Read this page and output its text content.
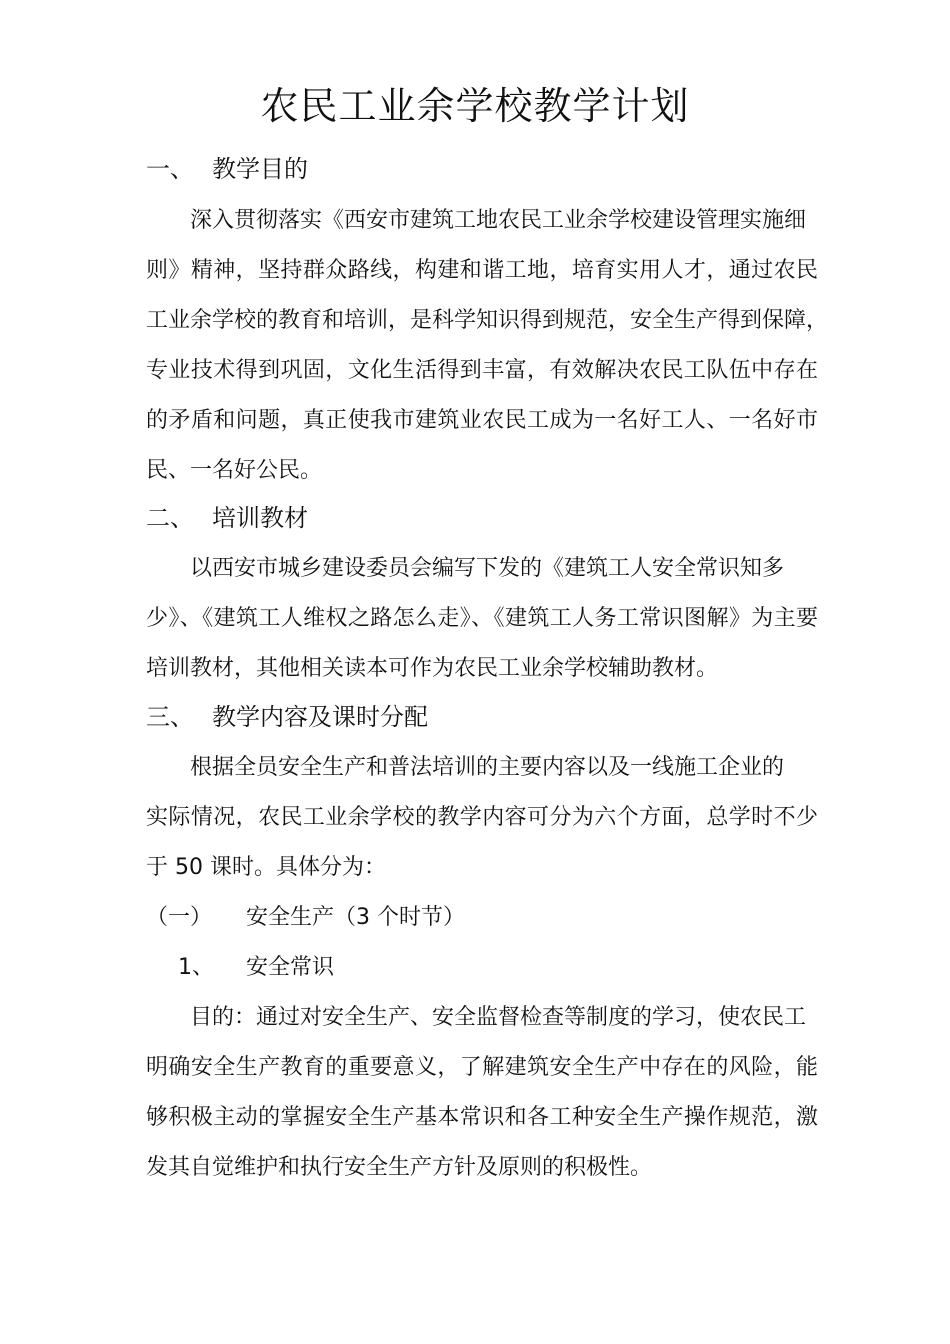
农民工业余学校教学计划
一、 教学目的
深入贯彻落实《西安市建筑工地农民工业余学校建设管理实施细
则》精神，坚持群众路线，构建和谐工地，培育实用人才，通过农民
工业余学校的教育和培训，是科学知识得到规范，安全生产得到保障，
专业技术得到巩固，文化生活得到丰富，有效解决农民工队伍中存在
的矛盾和问题，真正使我市建筑业农民工成为一名好工人、一名好市
民、一名好公民。
二、 培训教材
以西安市城乡建设委员会编写下发的《建筑工人安全常识知多
少》、《建筑工人维权之路怎么走》、《建筑工人务工常识图解》为主要
培训教材，其他相关读本可作为农民工业余学校辅助教材。
三、 教学内容及课时分配
根据全员安全生产和普法培训的主要内容以及一线施工企业的
实际情况，农民工业余学校的教学内容可分为六个方面，总学时不少
于 50 课时。具体分为：
（一） 安全生产（3 个时节）
1、 安全常识
目的：通过对安全生产、安全监督检查等制度的学习，使农民工
明确安全生产教育的重要意义，了解建筑安全生产中存在的风险，能
够积极主动的掌握安全生产基本常识和各工种安全生产操作规范，激
发其自觉维护和执行安全生产方针及原则的积极性。
